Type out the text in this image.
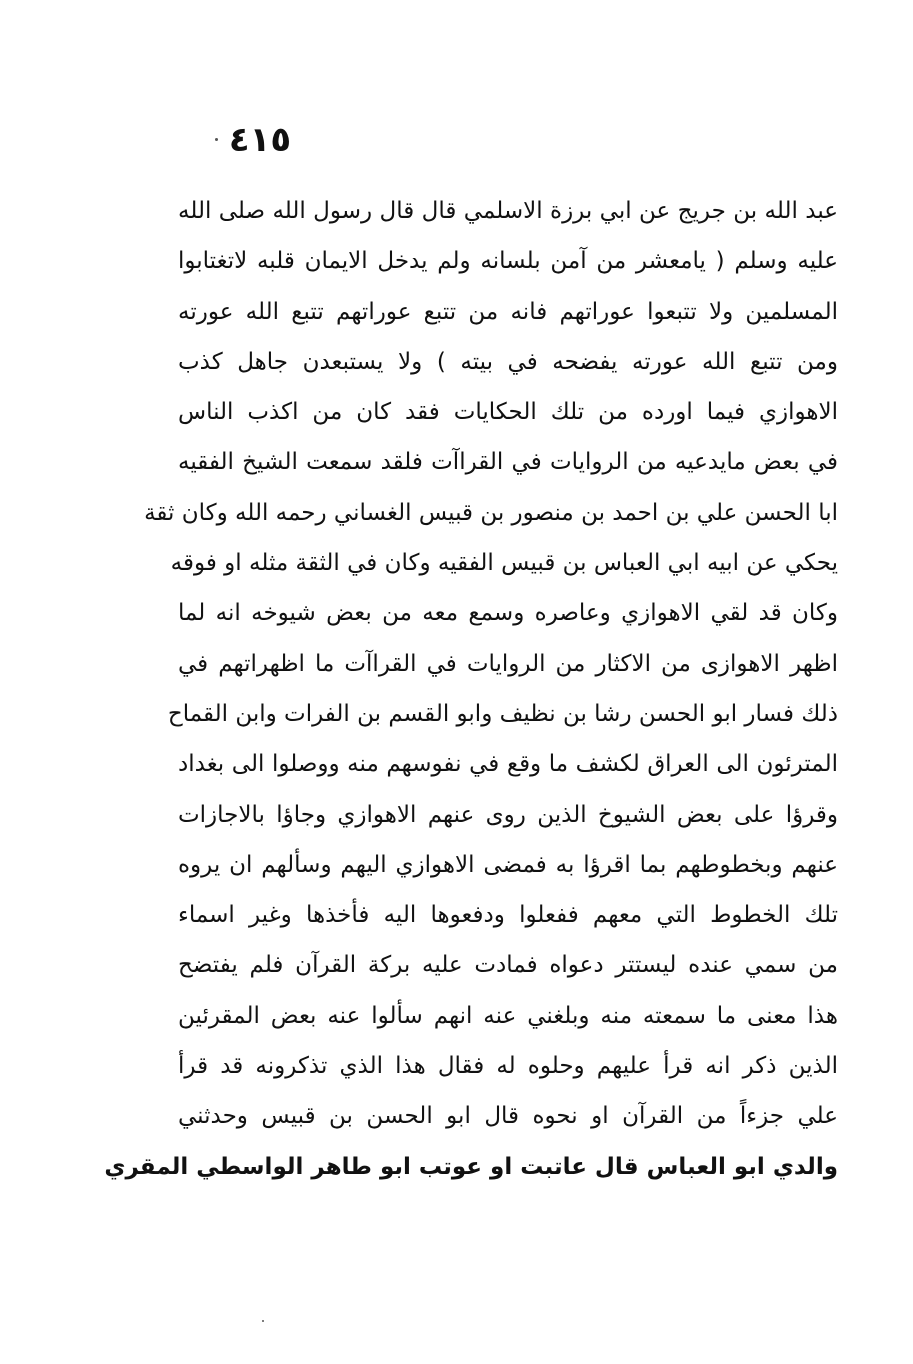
٤١٥
عبد الله بن جريج عن ابي برزة الاسلمي قال قال رسول الله صلى الله
عليه وسلم ( يامعشر من آمن بلسانه ولم يدخل الايمان قلبه لاتغتابوا
المسلمين ولا تتبعوا عوراتهم فانه من تتبع عوراتهم تتبع الله عورته
ومن تتبع الله عورته يفضحه في بيته ) ولا يستبعدن جاهل كذب
الاهوازي فيما اورده من تلك الحكايات فقد كان من اكذب الناس
في بعض مايدعيه من الروايات في القراآت فلقد سمعت الشيخ الفقيه
ابا الحسن علي بن احمد بن منصور بن قبيس الغساني رحمه الله وكان ثقة
يحكي عن ابيه ابي العباس بن قبيس الفقيه وكان في الثقة مثله او فوقه
وكان قد لقي الاهوازي وعاصره وسمع معه من بعض شيوخه انه لما
اظهر الاهوازى من الاكثار من الروايات في القراآت ما اظهراتهم في
ذلك فسار ابو الحسن رشا بن نظيف وابو القسم بن الفرات وابن القماح
المترئون الى العراق لكشف ما وقع في نفوسهم منه ووصلوا الى بغداد
وقرؤا على بعض الشيوخ الذين روى عنهم الاهوازي وجاؤا بالاجازات
عنهم وبخطوطهم بما اقرؤا به فمضى الاهوازي اليهم وسألهم ان يروه
تلك الخطوط التي معهم ففعلوا ودفعوها اليه فأخذها وغير اسماء
من سمي عنده ليستتر دعواه فمادت عليه بركة القرآن فلم يفتضح
هذا معنى ما سمعته منه وبلغني عنه انهم سألوا عنه بعض المقرئين
الذين ذكر انه قرأ عليهم وحلوه له فقال هذا الذي تذكرونه قد قرأ
علي جزءاً من القرآن او نحوه قال ابو الحسن بن قبيس وحدثني
والدي ابو العباس قال عاتبت او عوتب ابو طاهر الواسطي المقري
